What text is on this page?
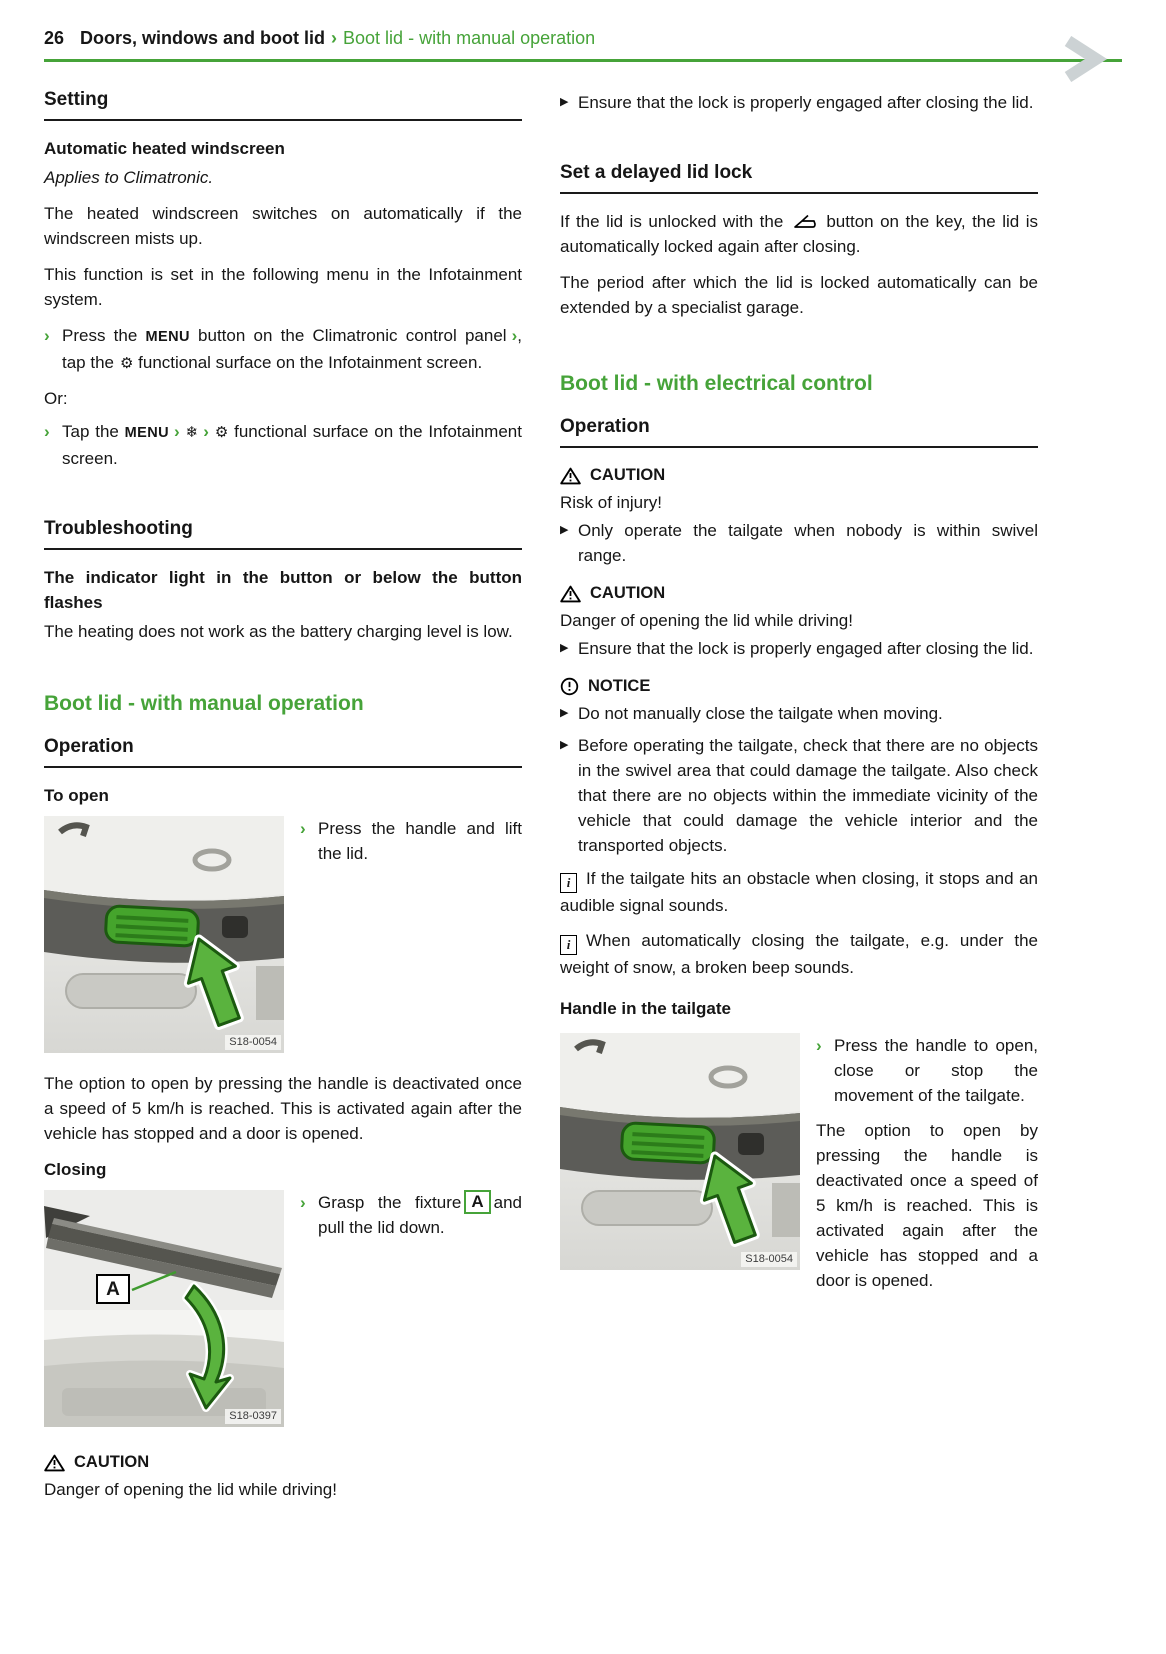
26 Doors, windows and boot lid › Boot lid - with manual operation
Setting

Automatic heated windscreen

Applies to Climatronic.

The heated windscreen switches on automatically if the windscreen mists up.

This function is set in the following menu in the Infotainment system.

› Press the MENU button on the Climatronic control panel ›, tap the ⚙ functional surface on the Infotainment screen.

Or:

› Tap the MENU › ❄ › ⚙ functional surface on the Infotainment screen.
Troubleshooting

The indicator light in the button or below the button flashes

The heating does not work as the battery charging level is low.

Boot lid - with manual operation
Operation

To open

S18-0054
› Press the handle and lift the lid.

The option to open by pressing the handle is deactivated once a speed of 5 km/h is reached. This is activated again after the vehicle has stopped and a door is opened.

Closing

A
S18-0397
› Grasp the fixture A and pull the lid down.
CAUTION

Danger of opening the lid while driving!

▶ Ensure that the lock is properly engaged after closing the lid.
Set a delayed lid lock

If the lid is unlocked with the  button on the key, the lid is automatically locked again after closing.

The period after which the lid is locked automatically can be extended by a specialist garage.

Boot lid - with electrical control
Operation
CAUTION

Risk of injury!

▶ Only operate the tailgate when nobody is within swivel range.
CAUTION

Danger of opening the lid while driving!

▶ Ensure that the lock is properly engaged after closing the lid.
NOTICE
▶ Do not manually close the tailgate when moving.
▶ Before operating the tailgate, check that there are no objects in the swivel area that could damage the tailgate. Also check that there are no objects within the immediate vicinity of the vehicle that could damage the vehicle interior and the transported objects.

i If the tailgate hits an obstacle when closing, it stops and an audible signal sounds.

i When automatically closing the tailgate, e.g. under the weight of snow, a broken beep sounds.

Handle in the tailgate

S18-0054
› Press the handle to open, close or stop the movement of the tailgate.

The option to open by pressing the handle is deactivated once a speed of 5 km/h is reached. This is activated again after the vehicle has stopped and a door is opened.
